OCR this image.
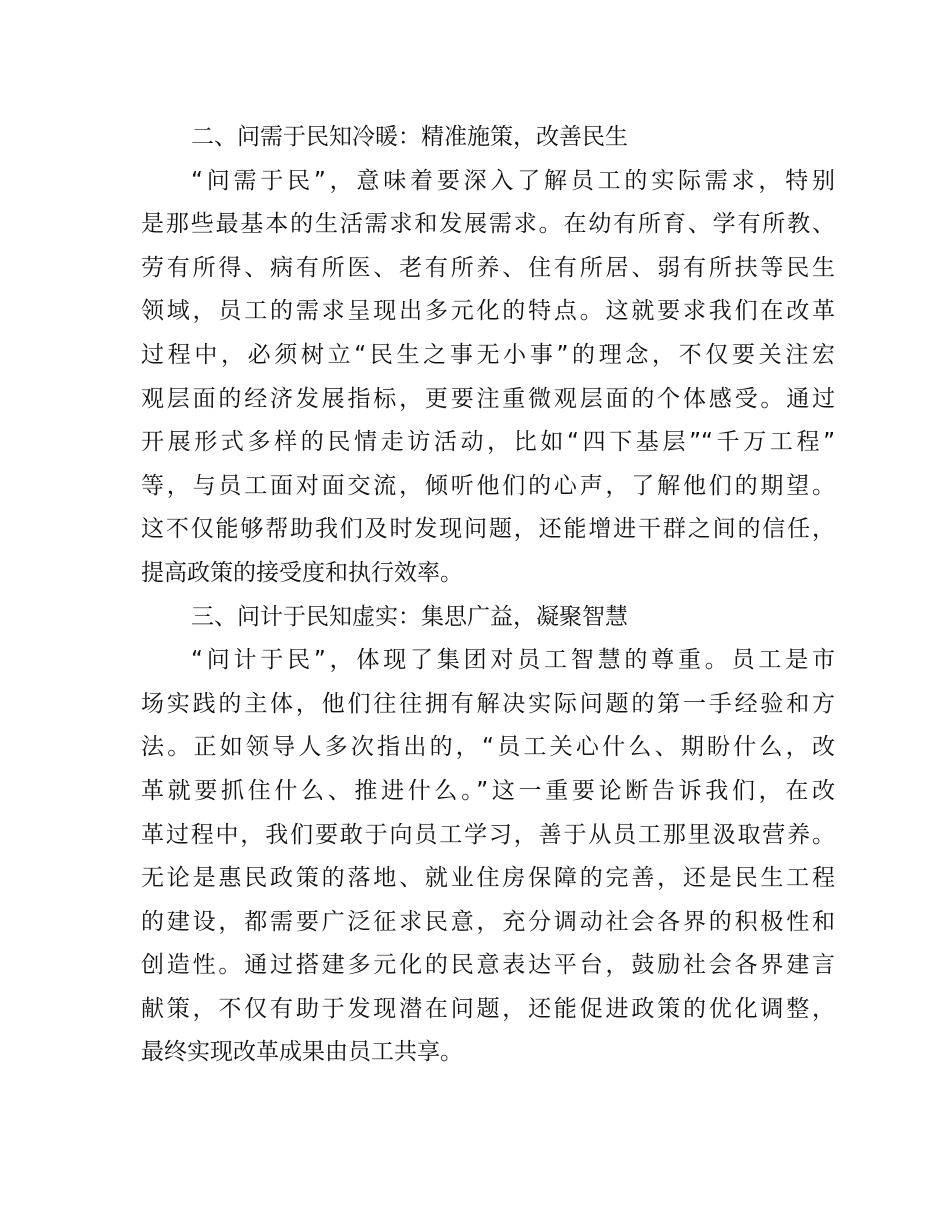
二、问需于民知冷暖：精准施策，改善民生
“问需于民”，意味着要深入了解员工的实际需求，特别
是那些最基本的生活需求和发展需求。在幼有所育、学有所教、
劳有所得、病有所医、老有所养、住有所居、弱有所扶等民生
领域，员工的需求呈现出多元化的特点。这就要求我们在改革
过程中，必须树立“民生之事无小事”的理念，不仅要关注宏
观层面的经济发展指标，更要注重微观层面的个体感受。通过
开展形式多样的民情走访活动，比如“四下基层”“千万工程”
等，与员工面对面交流，倾听他们的心声，了解他们的期望。
这不仅能够帮助我们及时发现问题，还能增进干群之间的信任，
提高政策的接受度和执行效率。
三、问计于民知虚实：集思广益，凝聚智慧
“问计于民”，体现了集团对员工智慧的尊重。员工是市
场实践的主体，他们往往拥有解决实际问题的第一手经验和方
法。正如领导人多次指出的，“员工关心什么、期盼什么，改
革就要抓住什么、推进什么。”这一重要论断告诉我们，在改
革过程中，我们要敢于向员工学习，善于从员工那里汲取营养。
无论是惠民政策的落地、就业住房保障的完善，还是民生工程
的建设，都需要广泛征求民意，充分调动社会各界的积极性和
创造性。通过搭建多元化的民意表达平台，鼓励社会各界建言
献策，不仅有助于发现潜在问题，还能促进政策的优化调整，
最终实现改革成果由员工共享。
